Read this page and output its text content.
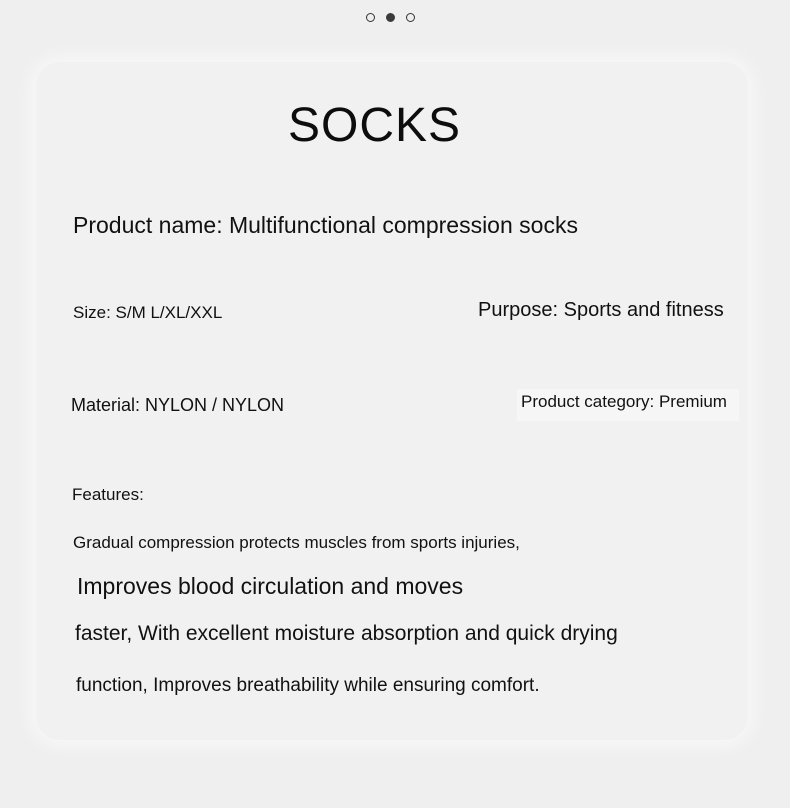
SOCKS
Product name: Multifunctional compression socks
Size: S/M L/XL/XXL	Purpose: Sports and fitness
Material: NYLON / NYLON	Product category: Premium
Features:
Gradual compression protects muscles from sports injuries,
Improves blood circulation and moves
faster, With excellent moisture absorption and quick drying
function, Improves breathability while ensuring comfort.
